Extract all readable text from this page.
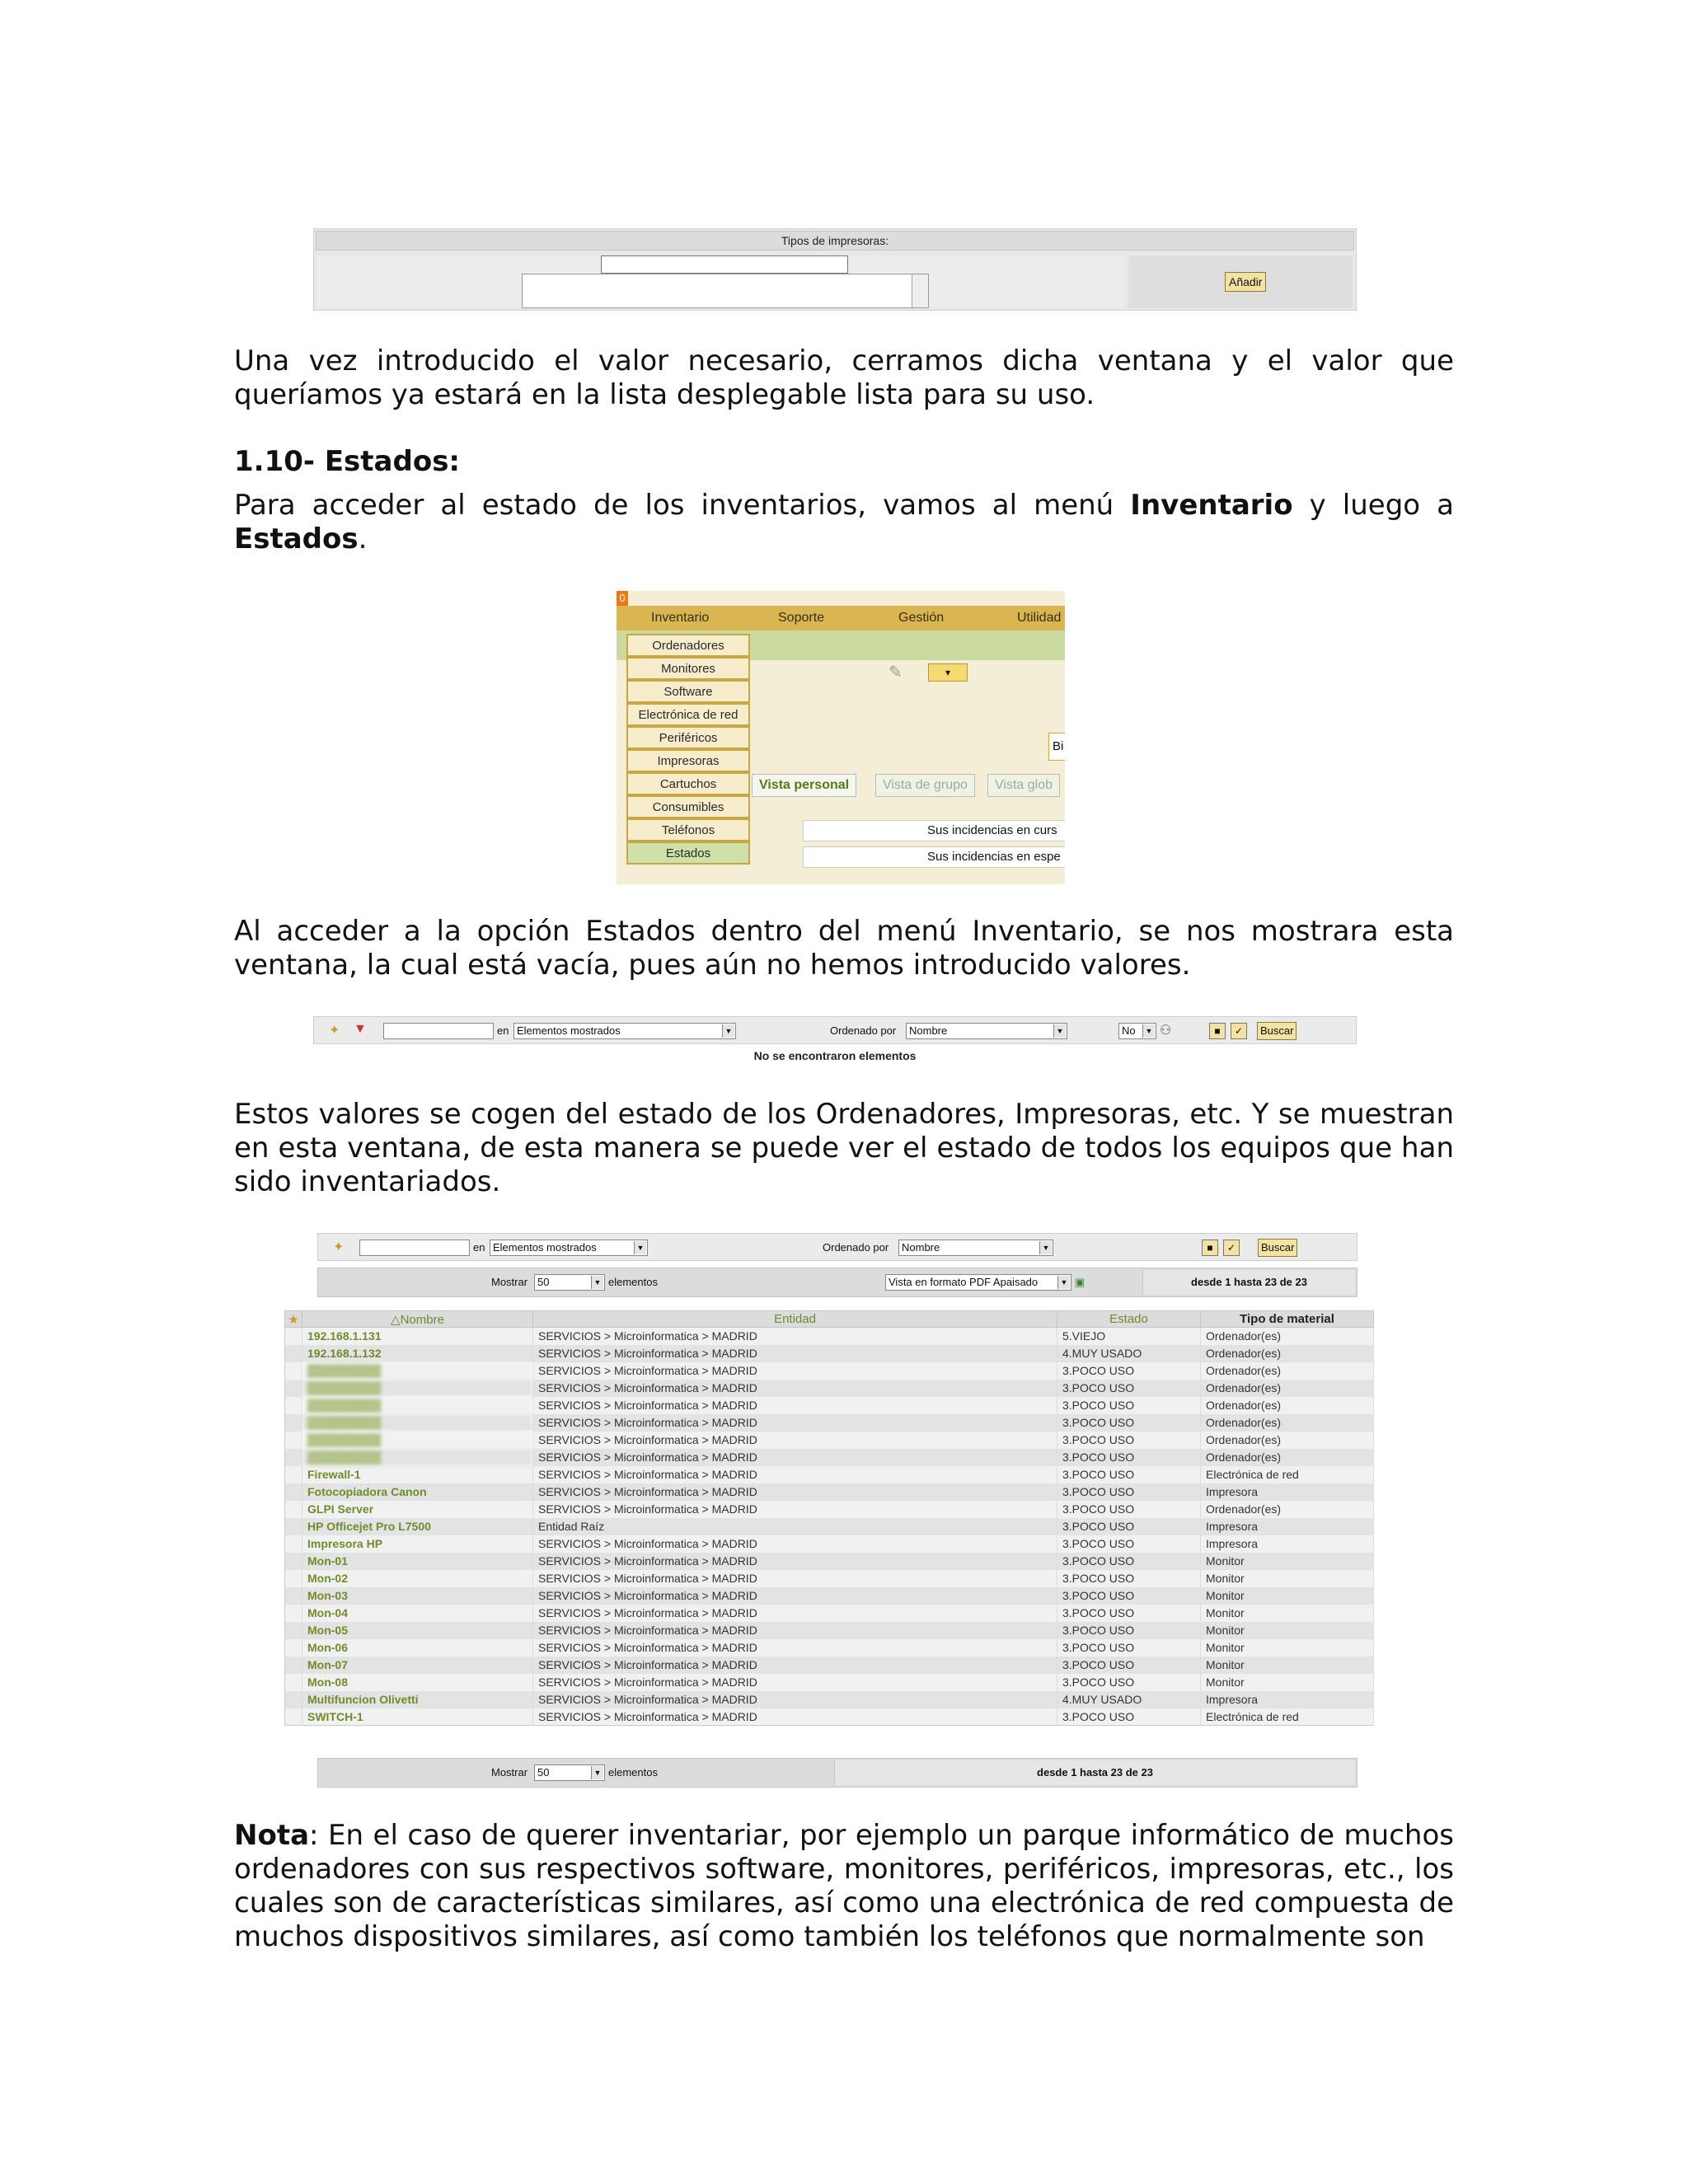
Tipos de impresoras:
Añadir

Una vez introducido el valor necesario, cerramos dicha ventana y el valor que queríamos ya estará en la lista desplegable lista para su uso.

1.10- Estados:

Para acceder al estado de los inventarios, vamos al menú Inventario y luego a Estados.

0
Inventario	Soporte	Gestión	Utilidad
✎	▾
Bi
Vista personal	Vista de grupo	Vista glob
Sus incidencias en curs
Sus incidencias en espe
Ordenadores
Monitores
Software
Electrónica de red
Periféricos
Impresoras
Cartuchos
Consumibles
Teléfonos
Estados

Al acceder a la opción Estados dentro del menú Inventario, se nos mostrara esta ventana, la cual está vacía, pues aún no hemos introducido valores.

✦ ▼	en Elementos mostrados	▼	Ordenado por	Nombre	▼	No	▼ ⚇	■	✓	Buscar
No se encontraron elementos

Estos valores se cogen del estado de los Ordenadores, Impresoras, etc. Y se muestran en esta ventana, de esta manera se puede ver el estado de todos los equipos que han sido inventariados.

✦	en Elementos mostrados	▼	Ordenado por	Nombre	▼	■	✓	Buscar
Mostrar 50	▼ elementos	Vista en formato PDF Apaisado	▼ ▣	desde 1 hasta 23 de 23
★	△Nombre	Entidad	Estado	Tipo de material
	192.168.1.131	SERVICIOS > Microinformatica > MADRID	5.VIEJO	Ordenador(es)
	192.168.1.132	SERVICIOS > Microinformatica > MADRID	4.MUY USADO	Ordenador(es)
	█████████	SERVICIOS > Microinformatica > MADRID	3.POCO USO	Ordenador(es)
	█████████	SERVICIOS > Microinformatica > MADRID	3.POCO USO	Ordenador(es)
	█████████	SERVICIOS > Microinformatica > MADRID	3.POCO USO	Ordenador(es)
	█████████	SERVICIOS > Microinformatica > MADRID	3.POCO USO	Ordenador(es)
	█████████	SERVICIOS > Microinformatica > MADRID	3.POCO USO	Ordenador(es)
	█████████	SERVICIOS > Microinformatica > MADRID	3.POCO USO	Ordenador(es)
	Firewall-1	SERVICIOS > Microinformatica > MADRID	3.POCO USO	Electrónica de red
	Fotocopiadora Canon	SERVICIOS > Microinformatica > MADRID	3.POCO USO	Impresora
	GLPI Server	SERVICIOS > Microinformatica > MADRID	3.POCO USO	Ordenador(es)
	HP Officejet Pro L7500	Entidad Raíz	3.POCO USO	Impresora
	Impresora HP	SERVICIOS > Microinformatica > MADRID	3.POCO USO	Impresora
	Mon-01	SERVICIOS > Microinformatica > MADRID	3.POCO USO	Monitor
	Mon-02	SERVICIOS > Microinformatica > MADRID	3.POCO USO	Monitor
	Mon-03	SERVICIOS > Microinformatica > MADRID	3.POCO USO	Monitor
	Mon-04	SERVICIOS > Microinformatica > MADRID	3.POCO USO	Monitor
	Mon-05	SERVICIOS > Microinformatica > MADRID	3.POCO USO	Monitor
	Mon-06	SERVICIOS > Microinformatica > MADRID	3.POCO USO	Monitor
	Mon-07	SERVICIOS > Microinformatica > MADRID	3.POCO USO	Monitor
	Mon-08	SERVICIOS > Microinformatica > MADRID	3.POCO USO	Monitor
	Multifuncion Olivetti	SERVICIOS > Microinformatica > MADRID	4.MUY USADO	Impresora
	SWITCH-1	SERVICIOS > Microinformatica > MADRID	3.POCO USO	Electrónica de red
Mostrar 50	▼ elementos	desde 1 hasta 23 de 23

Nota: En el caso de querer inventariar, por ejemplo un parque informático de muchos ordenadores con sus respectivos software, monitores, periféricos, impresoras, etc., los cuales son de características similares, así como una electrónica de red compuesta de muchos dispositivos similares, así como también los teléfonos que normalmente son
